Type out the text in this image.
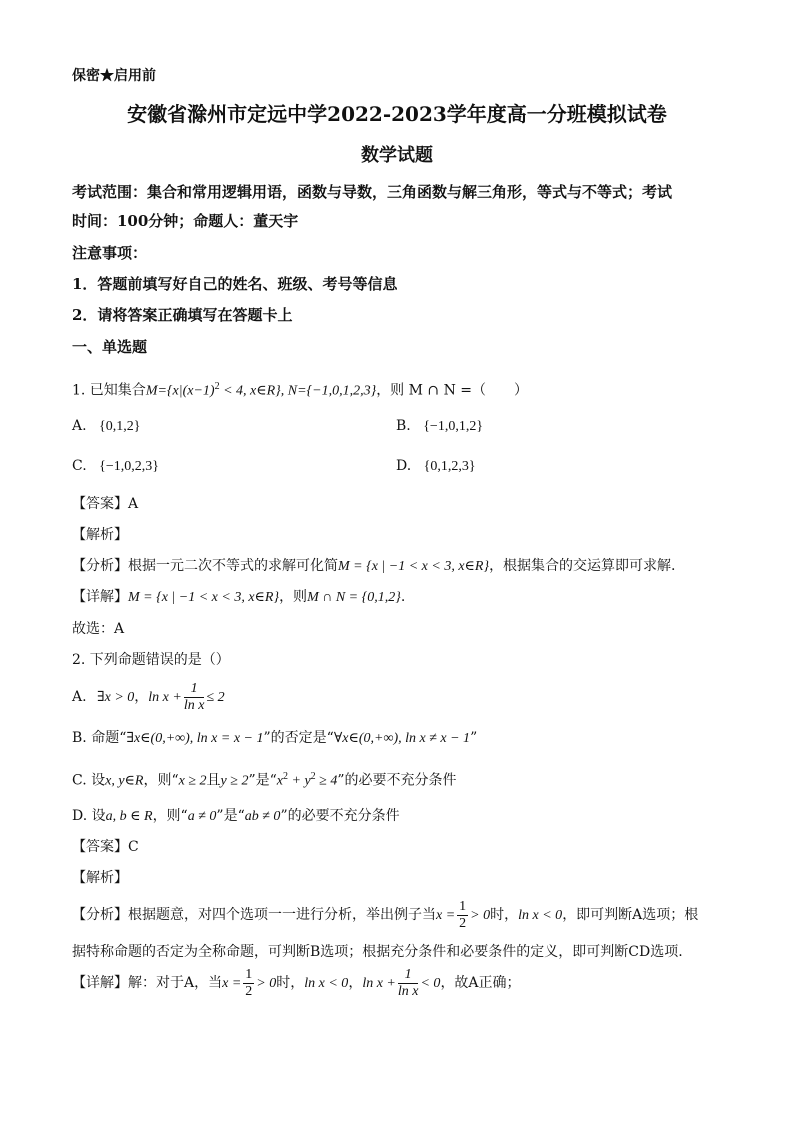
保密★启用前
安徽省滁州市定远中学2022-2023学年度高一分班模拟试卷
数学试题
考试范围：集合和常用逻辑用语，函数与导数，三角函数与解三角形，等式与不等式；考试
时间：100分钟；命题人：董天宇
注意事项：
1．答题前填写好自己的姓名、班级、考号等信息
2．请将答案正确填写在答题卡上
一、单选题
1. 已知集合$M=\{x|(x-1)^2 < 4$, x∈R}, N={−1,0,1,2,3}，则 M ∩ N =（　　）
A. {0,1,2}	B. {−1,0,1,2}
C. {−1,0,2,3}	D. {0,1,2,3}
【答案】A
【解析】
【分析】根据一元二次不等式的求解可化简M = {x | −1 < x < 3, x∈R}，根据集合的交运算即可求解.
【详解】M = {x | −1 < x < 3, x∈R}，则M ∩ N = {0,1,2}.
故选：A
2. 下列命题错误的是（）
A. ∃x > 0，$\ln x + \frac{1}{\text{ln x}} \le 2$
B. 命题“∃x∈(0,+∞), ln x = x − 1”的否定是“∀x∈(0,+∞), ln x ≠ x − 1”
C. 设x, y∈R，则“x ≥ 2且y ≥ 2”是“$x^2 + y^2 \ge 4$”的必要不充分条件
D. 设a, b ∈ R，则“a ≠ 0”是“ab ≠ 0”的必要不充分条件
【答案】C
【解析】
【分析】根据题意，对四个选项一一进行分析，举出例子当$x = \frac{1}{2} > 0$时，ln x < 0，即可判断A选项；根
据特称命题的否定为全称命题，可判断B选项；根据充分条件和必要条件的定义，即可判断CD选项.
【详解】解：对于A，当$x = \frac{1}{2} > 0$时，ln x < 0，$\ln x + \frac{1}{\text{ln x}} < 0$，故A正确；
